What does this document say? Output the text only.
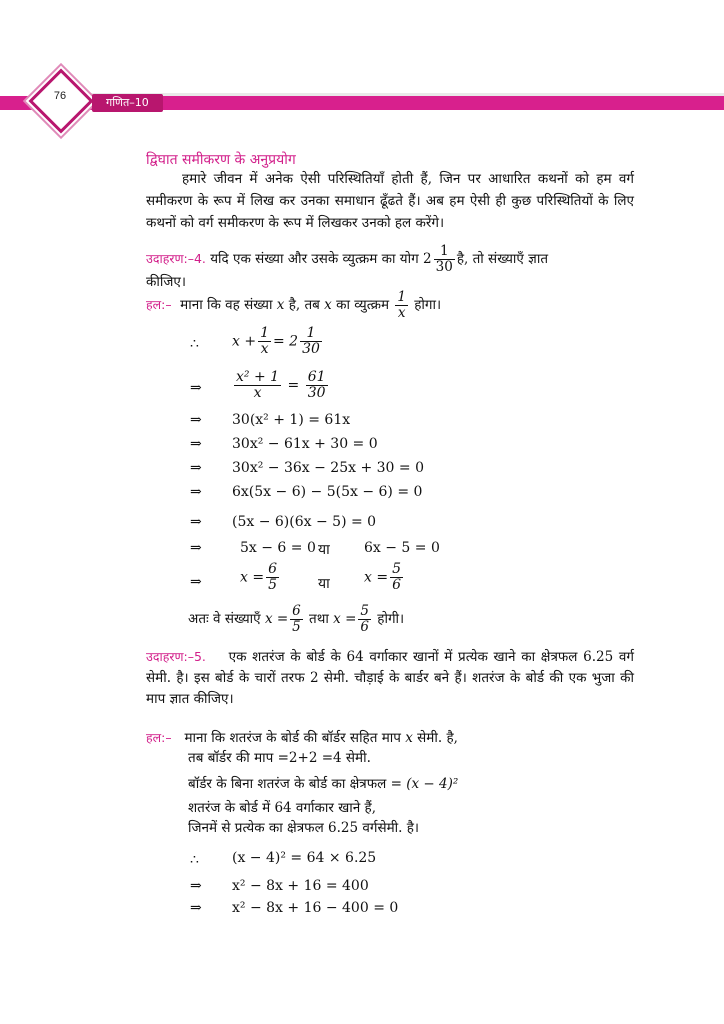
76	गणित–10
द्विघात समीकरण के अनुप्रयोग
हमारे जीवन में अनेक ऐसी परिस्थितियाँ होती हैं, जिन पर आधारित कथनों को हम वर्ग समीकरण के रूप में लिख कर उनका समाधान ढूँढते हैं। अब हम ऐसी ही कुछ परिस्थितियों के लिए कथनों को वर्ग समीकरण के रूप में लिखकर उनको हल करेंगे।
उदाहरण:–4. यदि एक संख्या और उसके व्युत्क्रम का योग $2 \frac{1}{30}$ है, तो संख्याएँ ज्ञात
कीजिए।
हल:– माना कि वह संख्या x है, तब x का व्युत्क्रम $\frac{1}{x}$ होगा।
∴ $x + \frac{1}{x} = 2 \frac{1}{30}$
⇒ $\frac{\text{x² + 1}}{x} = \frac{61}{30}$
⇒ 30(x² + 1) = 61x
⇒ 30x² − 61x + 30 = 0
⇒ 30x² − 36x − 25x + 30 = 0
⇒ 6x(5x − 6) − 5(5x − 6) = 0
⇒ (5x − 6)(6x − 5) = 0
⇒	5x − 6 = 0 या 6x − 5 = 0
⇒	$x = \frac{6}{5}$	या $x = \frac{5}{6}$
अतः वे संख्याएँ $x = \frac{6}{5}$ तथा $x = \frac{5}{6}$ होगी।
उदाहरण:–5. एक शतरंज के बोर्ड के 64 वर्गाकार खानों में प्रत्येक खाने का क्षेत्रफल 6.25 वर्ग सेमी. है। इस बोर्ड के चारों तरफ 2 सेमी. चौड़ाई के बार्डर बने हैं। शतरंज के बोर्ड की एक भुजा की माप ज्ञात कीजिए।
हल:– माना कि शतरंज के बोर्ड की बॉर्डर सहित माप x सेमी. है,
तब बॉर्डर की माप =2+2 =4 सेमी.
बॉर्डर के बिना शतरंज के बोर्ड का क्षेत्रफल = (x − 4)²
शतरंज के बोर्ड में 64 वर्गाकार खाने हैं,
जिनमें से प्रत्येक का क्षेत्रफल 6.25 वर्गसेमी. है।
∴ (x − 4)² = 64 × 6.25
⇒ x² − 8x + 16 = 400
⇒ x² − 8x + 16 − 400 = 0
